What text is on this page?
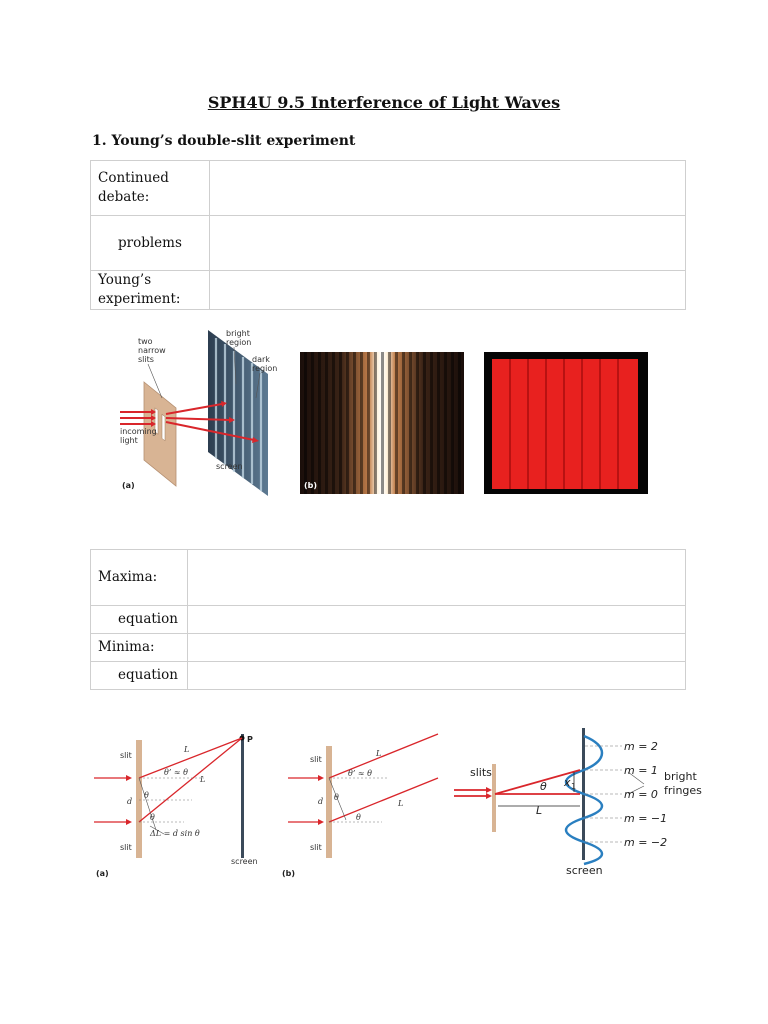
SPH4U 9.5 Interference of Light Waves
1. Young’s double-slit experiment
Continued debate:	
problems	
Young’s experiment:	
two
narrow
slits
bright
region
dark
region
incoming
light
screen
(a)	(b)
Maxima:	
equation	
Minima:	
equation	
P
slit
slit
d
L
L
θ’ ≈ θ
θ
θ
ΔL = d sin θ
screen
(a)
slit
slit
d
L
L
θ’ ≈ θ
θ
θ
(b)
slits
θ x 1
L
m = 2
m = 1
m = 0
m = −1
m = −2
bright
fringes
screen
